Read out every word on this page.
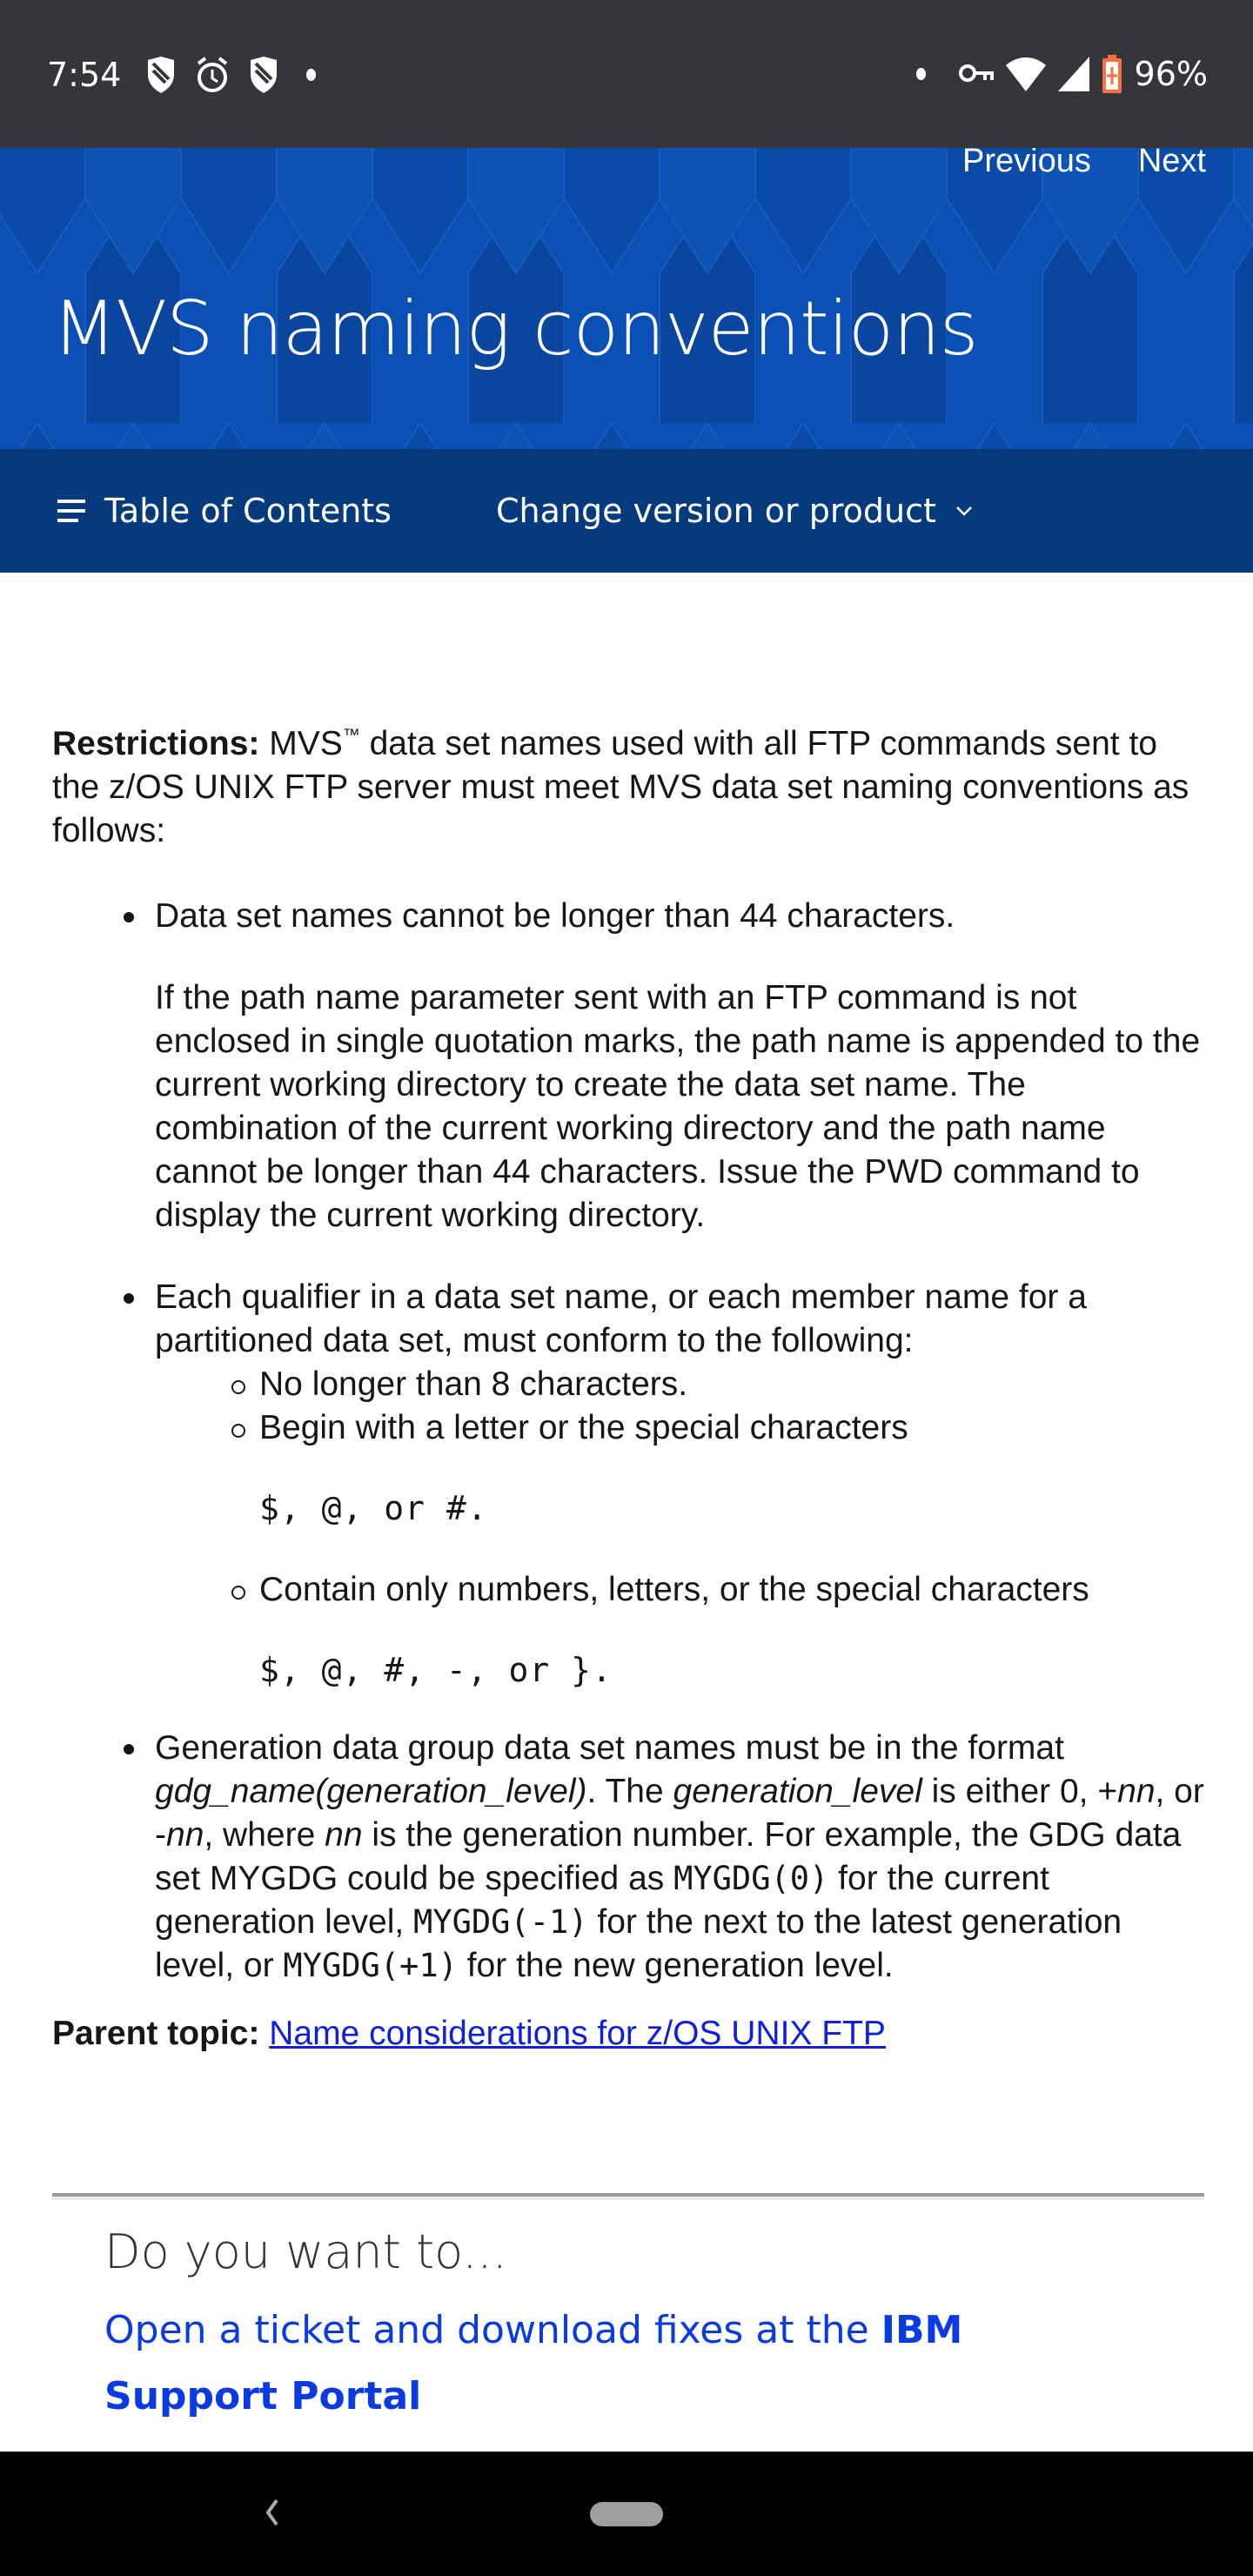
7:54	96%
Previous Next
MVS naming conventions
Table of Contents	Change version or product

Restrictions: MVS™ data set names used with all FTP commands sent to the z/OS UNIX FTP server must meet MVS data set naming conventions as follows:

Data set names cannot be longer than 44 characters.

If the path name parameter sent with an FTP command is not enclosed in single quotation marks, the path name is appended to the current working directory to create the data set name. The combination of the current working directory and the path name cannot be longer than 44 characters. Issue the PWD command to display the current working directory.

Each qualifier in a data set name, or each member name for a partitioned data set, must conform to the following:

No longer than 8 characters.
Begin with a letter or the special characters
$, @, or #.
Contain only numbers, letters, or the special characters
$, @, #, -, or }.

Generation data group data set names must be in the format gdg_name(generation_level). The generation_level is either 0, +nn, or -nn, where nn is the generation number. For example, the GDG data set MYGDG could be specified as MYGDG(0) for the current generation level, MYGDG(-1) for the next to the latest generation level, or MYGDG(+1) for the new generation level.

Parent topic: Name considerations for z/OS UNIX FTP

Do you want to...
Open a ticket and download fixes at the IBM Support Portal
